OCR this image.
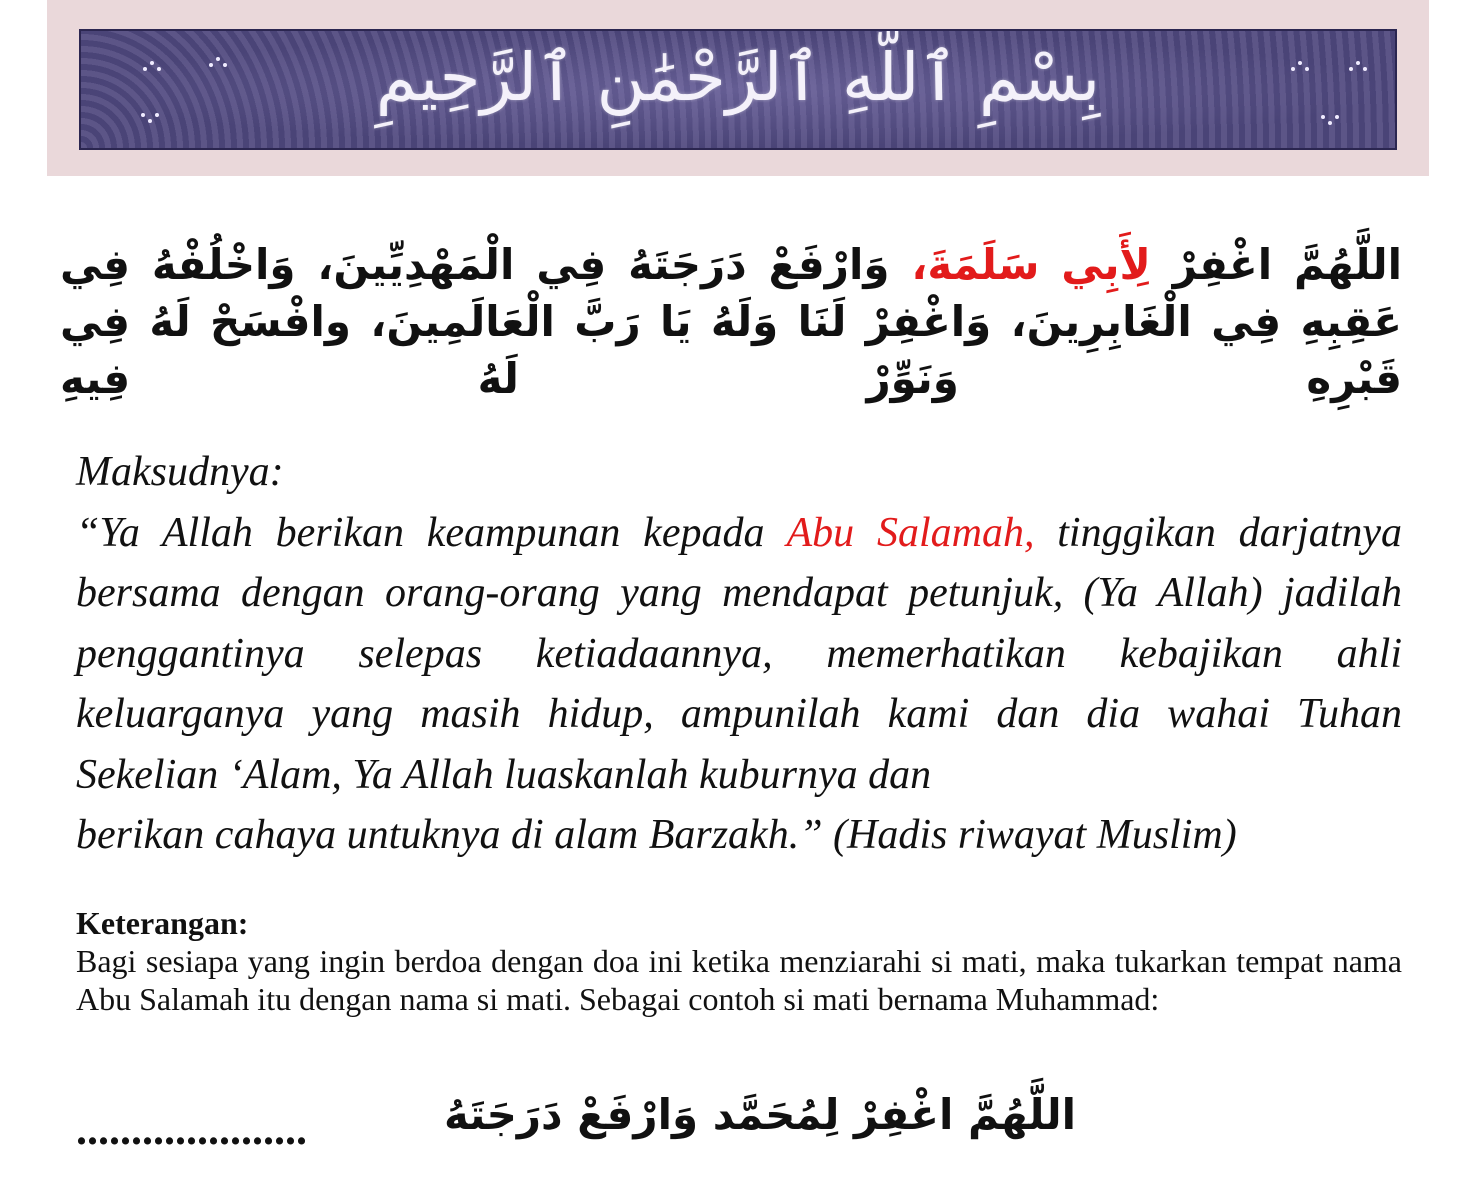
بِسْمِ ٱللَّهِ ٱلرَّحْمَٰنِ ٱلرَّحِيمِ
اللَّهُمَّ اغْفِرْ لِأَبِي سَلَمَةَ، وَارْفَعْ دَرَجَتَهُ فِي الْمَهْدِيِّينَ، وَاخْلُفْهُ فِي عَقِبِهِ فِي الْغَابِرِينَ، وَاغْفِرْ لَنَا وَلَهُ يَا رَبَّ الْعَالَمِينَ، وافْسَحْ لَهُ فِي قَبْرِهِ وَنَوِّرْ لَهُ فِيهِ
Maksudnya:
“Ya Allah berikan keampunan kepada Abu Salamah, tinggikan darjatnya bersama dengan orang-orang yang mendapat petunjuk, (Ya Allah) jadilah penggantinya selepas ketiadaannya, memerhatikan kebajikan ahli keluarganya yang masih hidup, ampunilah kami dan dia wahai Tuhan Sekelian ‘Alam, Ya Allah luaskanlah kuburnya dan
berikan cahaya untuknya di alam Barzakh.” (Hadis riwayat Muslim)
Keterangan:
Bagi sesiapa yang ingin berdoa dengan doa ini ketika menziarahi si mati, maka tukarkan tempat nama Abu Salamah itu dengan nama si mati. Sebagai contoh si mati bernama Muhammad:
.....................	اللَّهُمَّ اغْفِرْ لِمُحَمَّد وَارْفَعْ دَرَجَتَهُ
